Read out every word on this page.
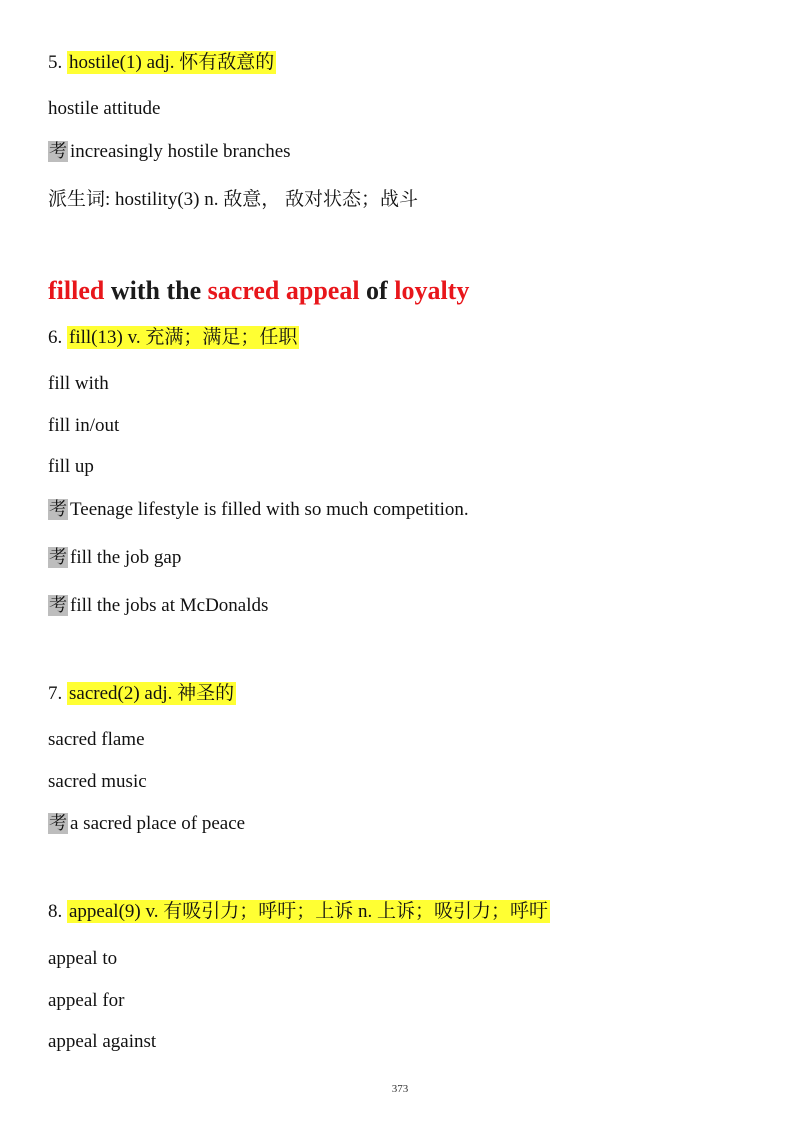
5. hostile(1) adj. 怀有敌意的
hostile attitude
考 increasingly hostile branches
派生词: hostility(3) n. 敌意， 敌对状态；战斗
filled with the sacred appeal of loyalty
6. fill(13) v. 充满；满足；任职
fill with
fill in/out
fill up
考 Teenage lifestyle is filled with so much competition.
考 fill the job gap
考 fill the jobs at McDonalds
7. sacred(2) adj. 神圣的
sacred flame
sacred music
考 a sacred place of peace
8. appeal(9) v. 有吸引力；呼吁；上诉 n. 上诉；吸引力；呼吁
appeal to
appeal for
appeal against
373
